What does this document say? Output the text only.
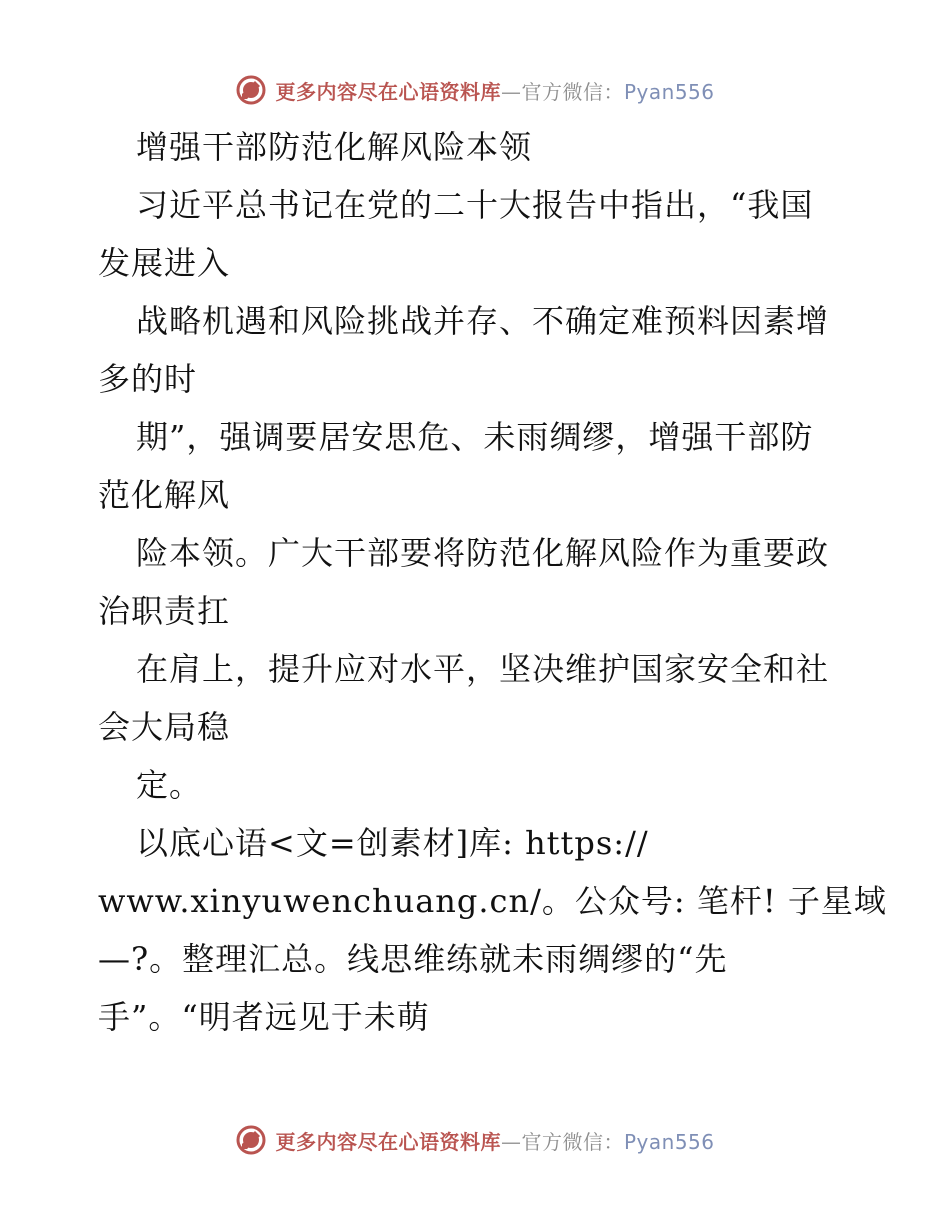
更多内容尽在心语资料库—官方微信：Pyan556
增强干部防范化解风险本领
习近平总书记在党的二十大报告中指出，“我国
发展进入
战略机遇和风险挑战并存、不确定难预料因素增
多的时
期”，强调要居安思危、未雨绸缪，增强干部防
范化解风
险本领。广大干部要将防范化解风险作为重要政
治职责扛
在肩上，提升应对水平，坚决维护国家安全和社
会大局稳
定。
以底心语<文=创素材]库: https://
www.xinyuwenchuang.cn/。公众号: 笔杆! 子星域
—?。整理汇总。线思维练就未雨绸缪的“先
手”。“明者远见于未萌
更多内容尽在心语资料库—官方微信：Pyan556
